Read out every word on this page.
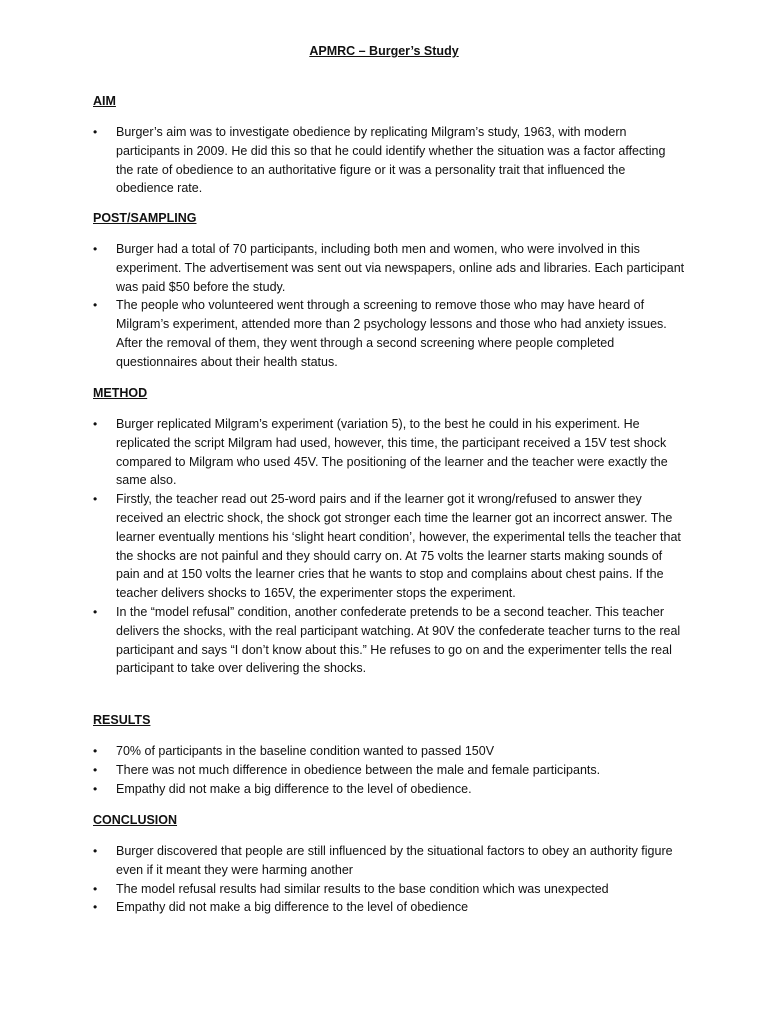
APMRC – Burger’s Study
AIM
• Burger’s aim was to investigate obedience by replicating Milgram’s study, 1963, with modern participants in 2009. He did this so that he could identify whether the situation was a factor affecting the rate of obedience to an authoritative figure or it was a personality trait that influenced the obedience rate.
POST/SAMPLING
• Burger had a total of 70 participants, including both men and women, who were involved in this experiment. The advertisement was sent out via newspapers, online ads and libraries. Each participant was paid $50 before the study.
• The people who volunteered went through a screening to remove those who may have heard of Milgram’s experiment, attended more than 2 psychology lessons and those who had anxiety issues. After the removal of them, they went through a second screening where people completed questionnaires about their health status.
METHOD
• Burger replicated Milgram’s experiment (variation 5), to the best he could in his experiment. He replicated the script Milgram had used, however, this time, the participant received a 15V test shock compared to Milgram who used 45V. The positioning of the learner and the teacher were exactly the same also.
• Firstly, the teacher read out 25-word pairs and if the learner got it wrong/refused to answer they received an electric shock, the shock got stronger each time the learner got an incorrect answer. The learner eventually mentions his ‘slight heart condition’, however, the experimental tells the teacher that the shocks are not painful and they should carry on. At 75 volts the learner starts making sounds of pain and at 150 volts the learner cries that he wants to stop and complains about chest pains. If the teacher delivers shocks to 165V, the experimenter stops the experiment.
• In the “model refusal” condition, another confederate pretends to be a second teacher. This teacher delivers the shocks, with the real participant watching. At 90V the confederate teacher turns to the real participant and says “I don’t know about this.” He refuses to go on and the experimenter tells the real participant to take over delivering the shocks.
RESULTS
• 70% of participants in the baseline condition wanted to passed 150V
• There was not much difference in obedience between the male and female participants.
• Empathy did not make a big difference to the level of obedience.
CONCLUSION
• Burger discovered that people are still influenced by the situational factors to obey an authority figure even if it meant they were harming another
• The model refusal results had similar results to the base condition which was unexpected
• Empathy did not make a big difference to the level of obedience
